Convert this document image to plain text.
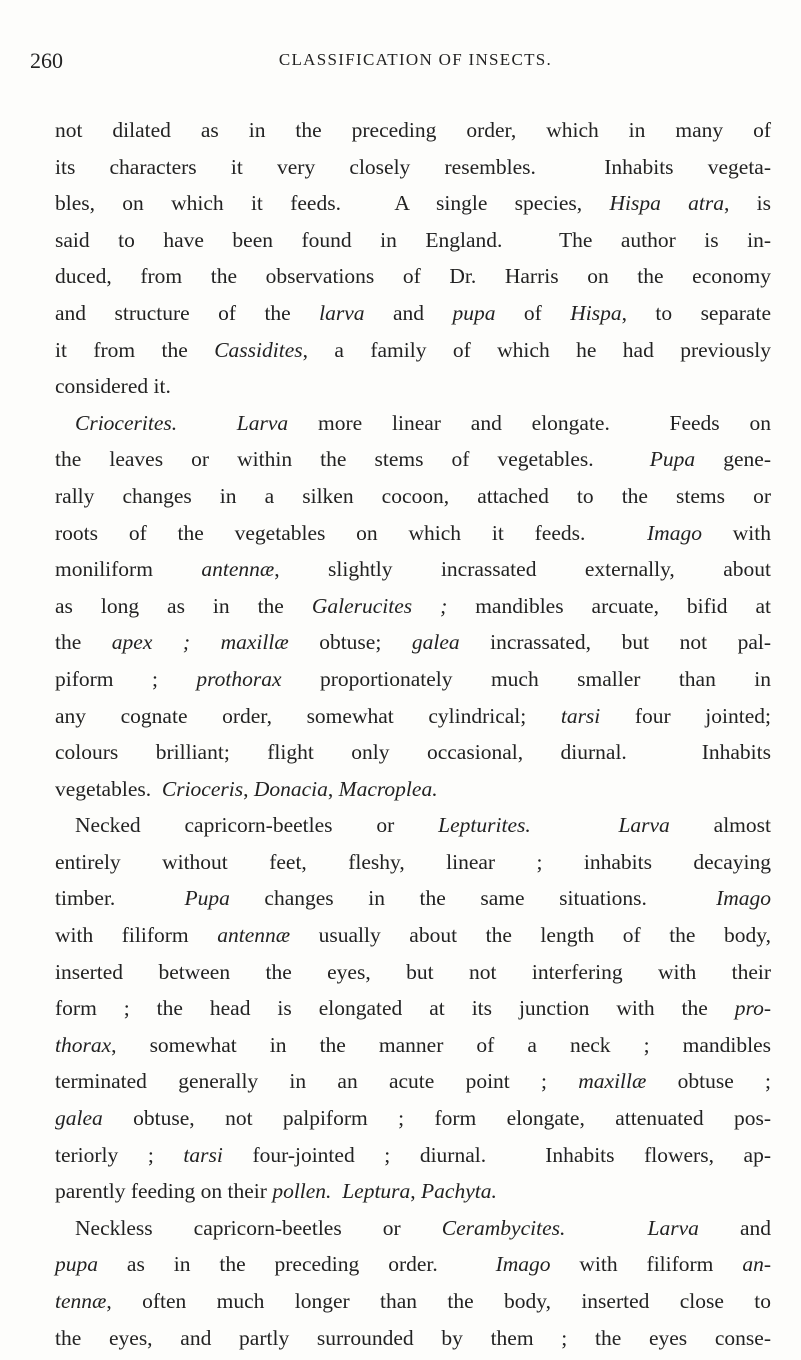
260	CLASSIFICATION OF INSECTS.
not dilated as in the preceding order, which in many of
its characters it very closely resembles.  Inhabits vegeta-
bles, on which it feeds.  A single species, Hispa atra, is
said to have been found in England.  The author is in-
duced, from the observations of Dr. Harris on the economy
and structure of the larva and pupa of Hispa, to separate
it from the Cassidites, a family of which he had previously
considered it.
Criocerites.	Larva more linear and elongate.  Feeds on
the leaves or within the stems of vegetables.  Pupa gene-
rally changes in a silken cocoon, attached to the stems or
roots of the vegetables on which it feeds.  Imago with
moniliform antennæ, slightly incrassated externally, about
as long as in the Galerucites ; mandibles arcuate, bifid at
the apex ; maxillæ obtuse; galea incrassated, but not pal-
piform ; prothorax proportionately much smaller than in
any cognate order, somewhat cylindrical; tarsi four jointed;
colours brilliant; flight only occasional, diurnal.  Inhabits
vegetables.  Crioceris, Donacia, Macroplea.
Necked capricorn-beetles or Lepturites.	Larva almost
entirely without feet, fleshy, linear ; inhabits decaying
timber.  Pupa changes in the same situations.  Imago
with filiform antennæ usually about the length of the body,
inserted between the eyes, but not interfering with their
form ; the head is elongated at its junction with the pro-
thorax, somewhat in the manner of a neck ; mandibles
terminated generally in an acute point ; maxillæ obtuse ;
galea obtuse, not palpiform ; form elongate, attenuated pos-
teriorly ; tarsi four-jointed ; diurnal.  Inhabits flowers, ap-
parently feeding on their pollen. Leptura, Pachyta.
Neckless capricorn-beetles or Cerambycites.	Larva and
pupa as in the preceding order.  Imago with filiform an-
tennæ, often much longer than the body, inserted close to
the eyes, and partly surrounded by them ; the eyes conse-
